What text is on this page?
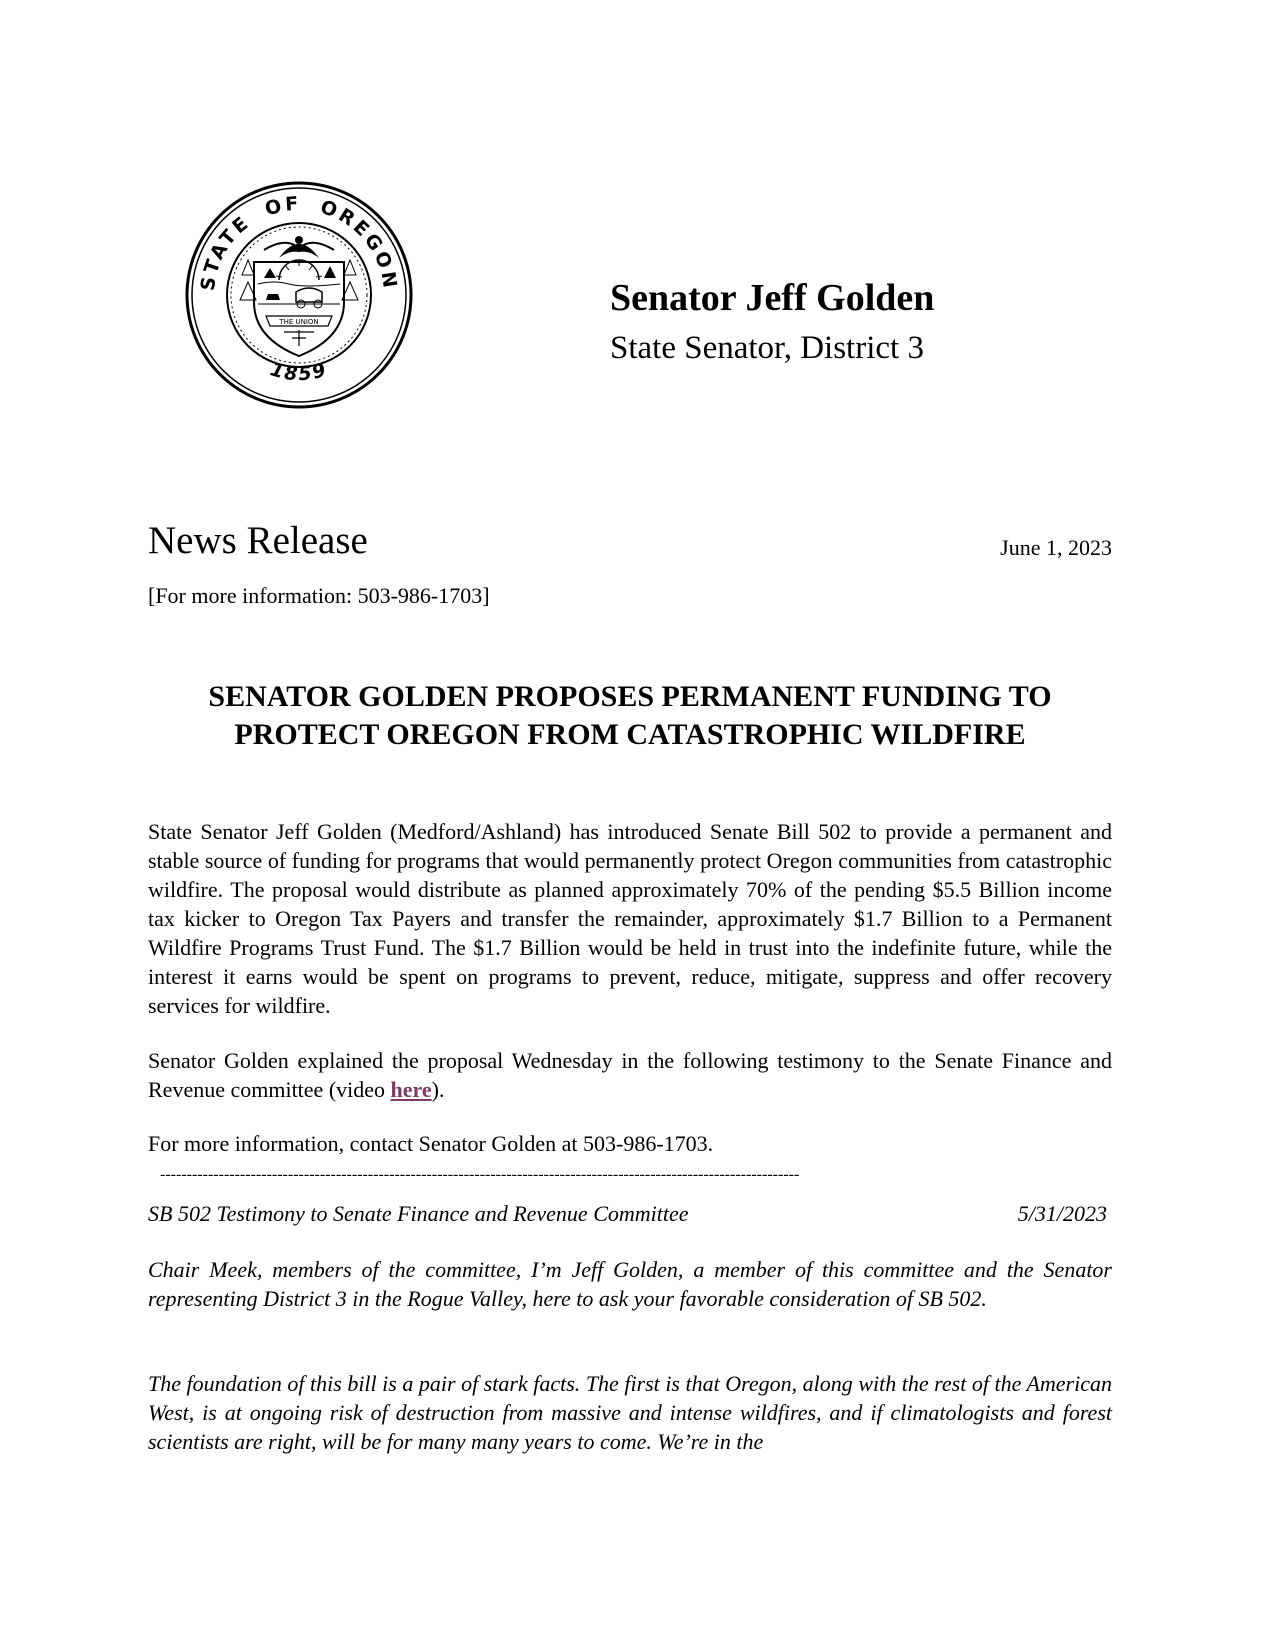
STATE OF OREGON
1859
THE UNION
Senator Jeff Golden
State Senator, District 3
News Release	June 1, 2023
[For more information: 503-986-1703]
SENATOR GOLDEN PROPOSES PERMANENT FUNDING TO
PROTECT OREGON FROM CATASTROPHIC WILDFIRE
State Senator Jeff Golden (Medford/Ashland) has introduced Senate Bill 502 to provide a permanent and stable source of funding for programs that would permanently protect Oregon communities from catastrophic wildfire. The proposal would distribute as planned approximately 70% of the pending $5.5 Billion income tax kicker to Oregon Tax Payers and transfer the remainder, approximately $1.7 Billion to a Permanent Wildfire Programs Trust Fund. The $1.7 Billion would be held in trust into the indefinite future, while the interest it earns would be spent on programs to prevent, reduce, mitigate, suppress and offer recovery services for wildfire.
Senator Golden explained the proposal Wednesday in the following testimony to the Senate Finance and Revenue committee (video here).
For more information, contact Senator Golden at 503-986-1703.
------------------------------------------------------------------------------------------------------------------------
SB 502 Testimony to Senate Finance and Revenue Committee	5/31/2023
Chair Meek, members of the committee, I’m Jeff Golden, a member of this committee and the Senator representing District 3 in the Rogue Valley, here to ask your favorable consideration of SB 502.
The foundation of this bill is a pair of stark facts. The first is that Oregon, along with the rest of the American West, is at ongoing risk of destruction from massive and intense wildfires, and if climatologists and forest scientists are right, will be for many many years to come. We’re in the
